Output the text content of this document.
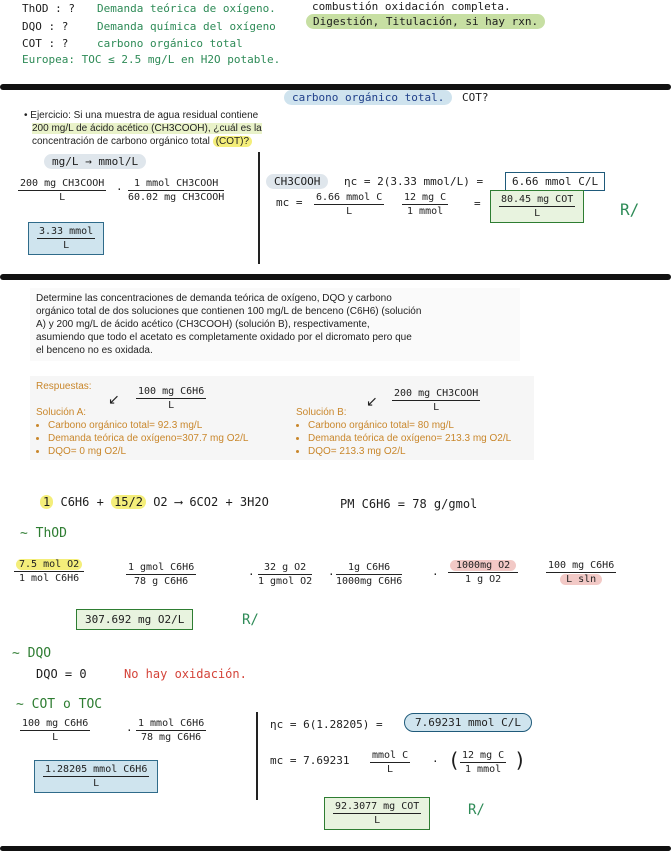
ThOD : ? Demanda teórica de oxígeno.
DQO : ?	Demanda química del oxígeno
COT : ?	carbono orgánico total
Europea: TOC ≤ 2.5 mg/L en H2O potable.
combustión oxidación completa.
Digestión, Titulación, si hay rxn.
carbono orgánico total.	COT?
• Ejercicio: Si una muestra de agua residual contiene
200 mg/L de ácido acético (CH3COOH), ¿cuál es la
concentración de carbono orgánico total (COT)?
mg/L → mmol/L
200 mg CH3COOH
L
·	1 mmol CH3COOH
60.02 mg CH3COOH
3.33 mmol
L
CH3COOH	ηc = 2(3.33 mmol/L) =	6.66 mmol C/L
mc = 6.66 mmol C
L
12 mg C
1 mmol
= 80.45 mg COT
L	R/
Determine las concentraciones de demanda teórica de oxígeno, DQO y carbono
orgánico total de dos soluciones que contienen 100 mg/L de benceno (C6H6) (solución
A) y 200 mg/L de ácido acético (CH3COOH) (solución B), respectivamente,
asumiendo que todo el acetato es completamente oxidado por el dicromato pero que
el benceno no es oxidada.
Respuestas:
Solución A:
• Carbono orgánico total= 92.3 mg/L
• Demanda teórica de oxígeno=307.7 mg O2/L
• DQO= 0 mg O2/L
Solución B:
• Carbono orgánico total= 80 mg/L
• Demanda teórica de oxígeno= 213.3 mg O2/L
• DQO= 213.3 mg O2/L
$\frac{\text{100 mg C6H6}}{L}$
↙	200 mg CH3COOH
L
↙
1 C6H6 + 15/2 O2 ⟶ 6CO2 + 3H2O	PM C6H6 = 78 g/gmol
∼ ThOD
7.5 mol O2
1 mol C6H6
1 gmol C6H6
78 g C6H6
·
32 g O2
1 gmol O2
· $\frac{\text{1g C6H6}}{\text{1000mg C6H6}}$	· $\frac{\text{1000mg O2}}{\text{1 g O2}}$	$\frac{\text{100 mg C6H6}}{\text{L sln}}$
307.692 mg O2/L	R/
∼ DQO
DQO = 0	No hay oxidación.
∼ COT o TOC
$\frac{\text{100 mg C6H6}}{L}$	·
1 mmol C6H6
78 mg C6H6
1.28205 mmol C6H6
L
ηc = 6(1.28205) =	7.69231 mmol C/L
mc = 7.69231 mmol C
L
· ( 12 mg C
1 mmol )
92.3077 mg COT
L
R/
